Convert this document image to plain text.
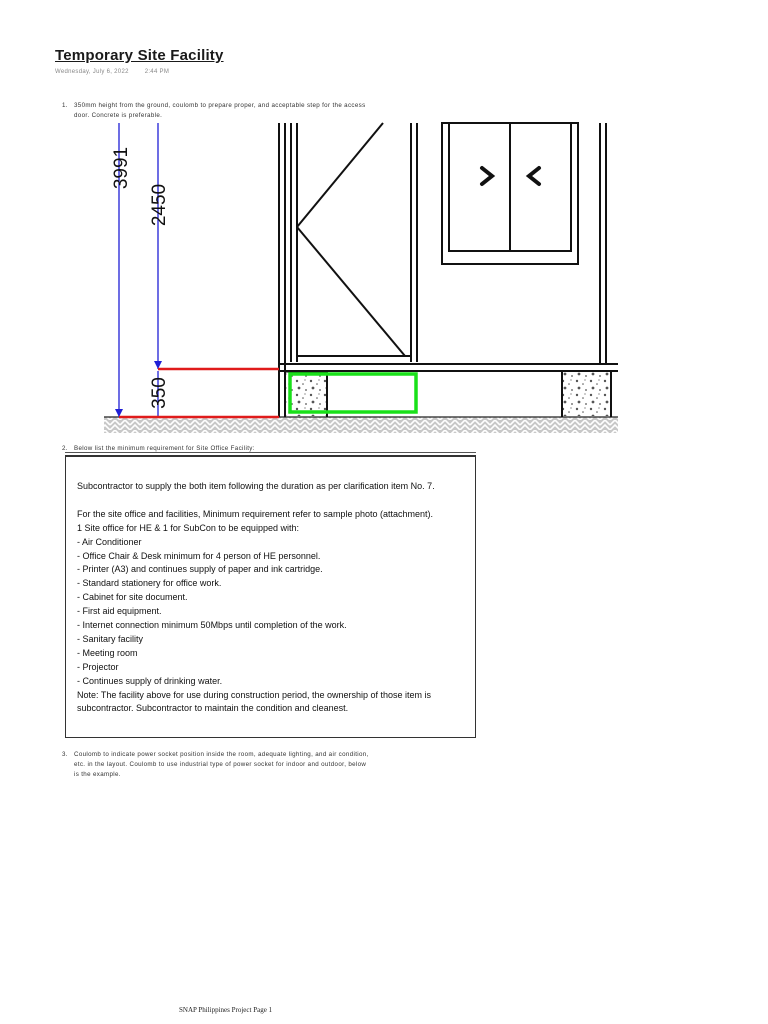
Temporary Site Facility
Wednesday, July 6, 2022	2:44 PM
1. 350mm height from the ground, coulomb to prepare proper, and acceptable step for the access
door. Concrete is preferable.
3991
2450
350
2. Below list the minimum requirement for Site Office Facility:

Subcontractor to supply the both item following the duration as per clarification item No. 7.

For the site office and facilities, Minimum requirement refer to sample photo (attachment).

1 Site office for HE & 1 for SubCon to be equipped with:

- Air Conditioner

- Office Chair & Desk minimum for 4 person of HE personnel.

- Printer (A3) and continues supply of paper and ink cartridge.

- Standard stationery for office work.

- Cabinet for site document.

- First aid equipment.

- Internet connection minimum 50Mbps until completion of the work.

- Sanitary facility

- Meeting room

- Projector

- Continues supply of drinking water.

Note: The facility above for use during construction period, the ownership of those item is

subcontractor. Subcontractor to maintain the condition and cleanest.

3. Coulomb to indicate power socket position inside the room, adequate lighting, and air condition,
etc. in the layout. Coulomb to use industrial type of power socket for indoor and outdoor, below
is the example.
SNAP Philippines Project Page 1
